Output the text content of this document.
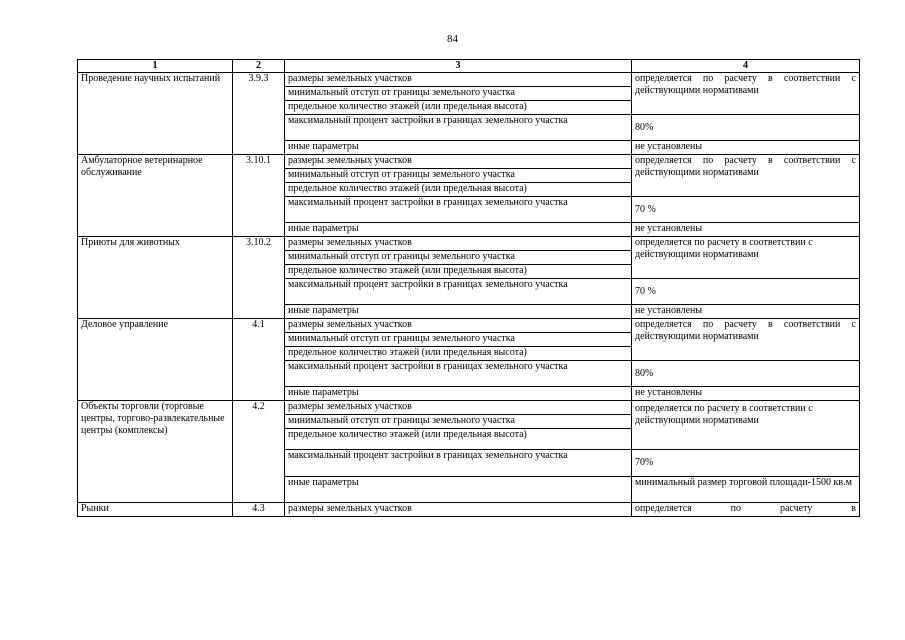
84
1	2	3	4
Проведение научных испытаний	3.9.3	размеры земельных участков	определяется по расчету в соответствии с действующими нормативами
		минимальный отступ от границы земельного участка	
		предельное количество этажей (или предельная высота)	
		максимальный процент застройки в границах земельного участка	80%
		иные параметры	не установлены
Амбулаторное ветеринарное обслуживание	3.10.1	размеры земельных участков	определяется по расчету в соответствии с действующими нормативами
		минимальный отступ от границы земельного участка	
		предельное количество этажей (или предельная высота)	
		максимальный процент застройки в границах земельного участка	70 %
		иные параметры	не установлены
Приюты для животных	3.10.2	размеры земельных участков	определяется по расчету в соответствии с действующими нормативами
		минимальный отступ от границы земельного участка	
		предельное количество этажей (или предельная высота)	
		максимальный процент застройки в границах земельного участка	70 %
		иные параметры	не установлены
Деловое управление	4.1	размеры земельных участков	определяется по расчету в соответствии с действующими нормативами
		минимальный отступ от границы земельного участка	
		предельное количество этажей (или предельная высота)	
		максимальный процент застройки в границах земельного участка	80%
		иные параметры	не установлены
Объекты торговли (торговые центры, торгово-развлекательные центры (комплексы)	4.2	размеры земельных участков	определяется по расчету в соответствии с действующими нормативами
		минимальный отступ от границы земельного участка	
		предельное количество этажей (или предельная высота)	
		максимальный процент застройки в границах земельного участка	70%
		иные параметры	минимальный размер торговой площади-1500 кв.м
Рынки	4.3	размеры земельных участков	определяется по расчету в
